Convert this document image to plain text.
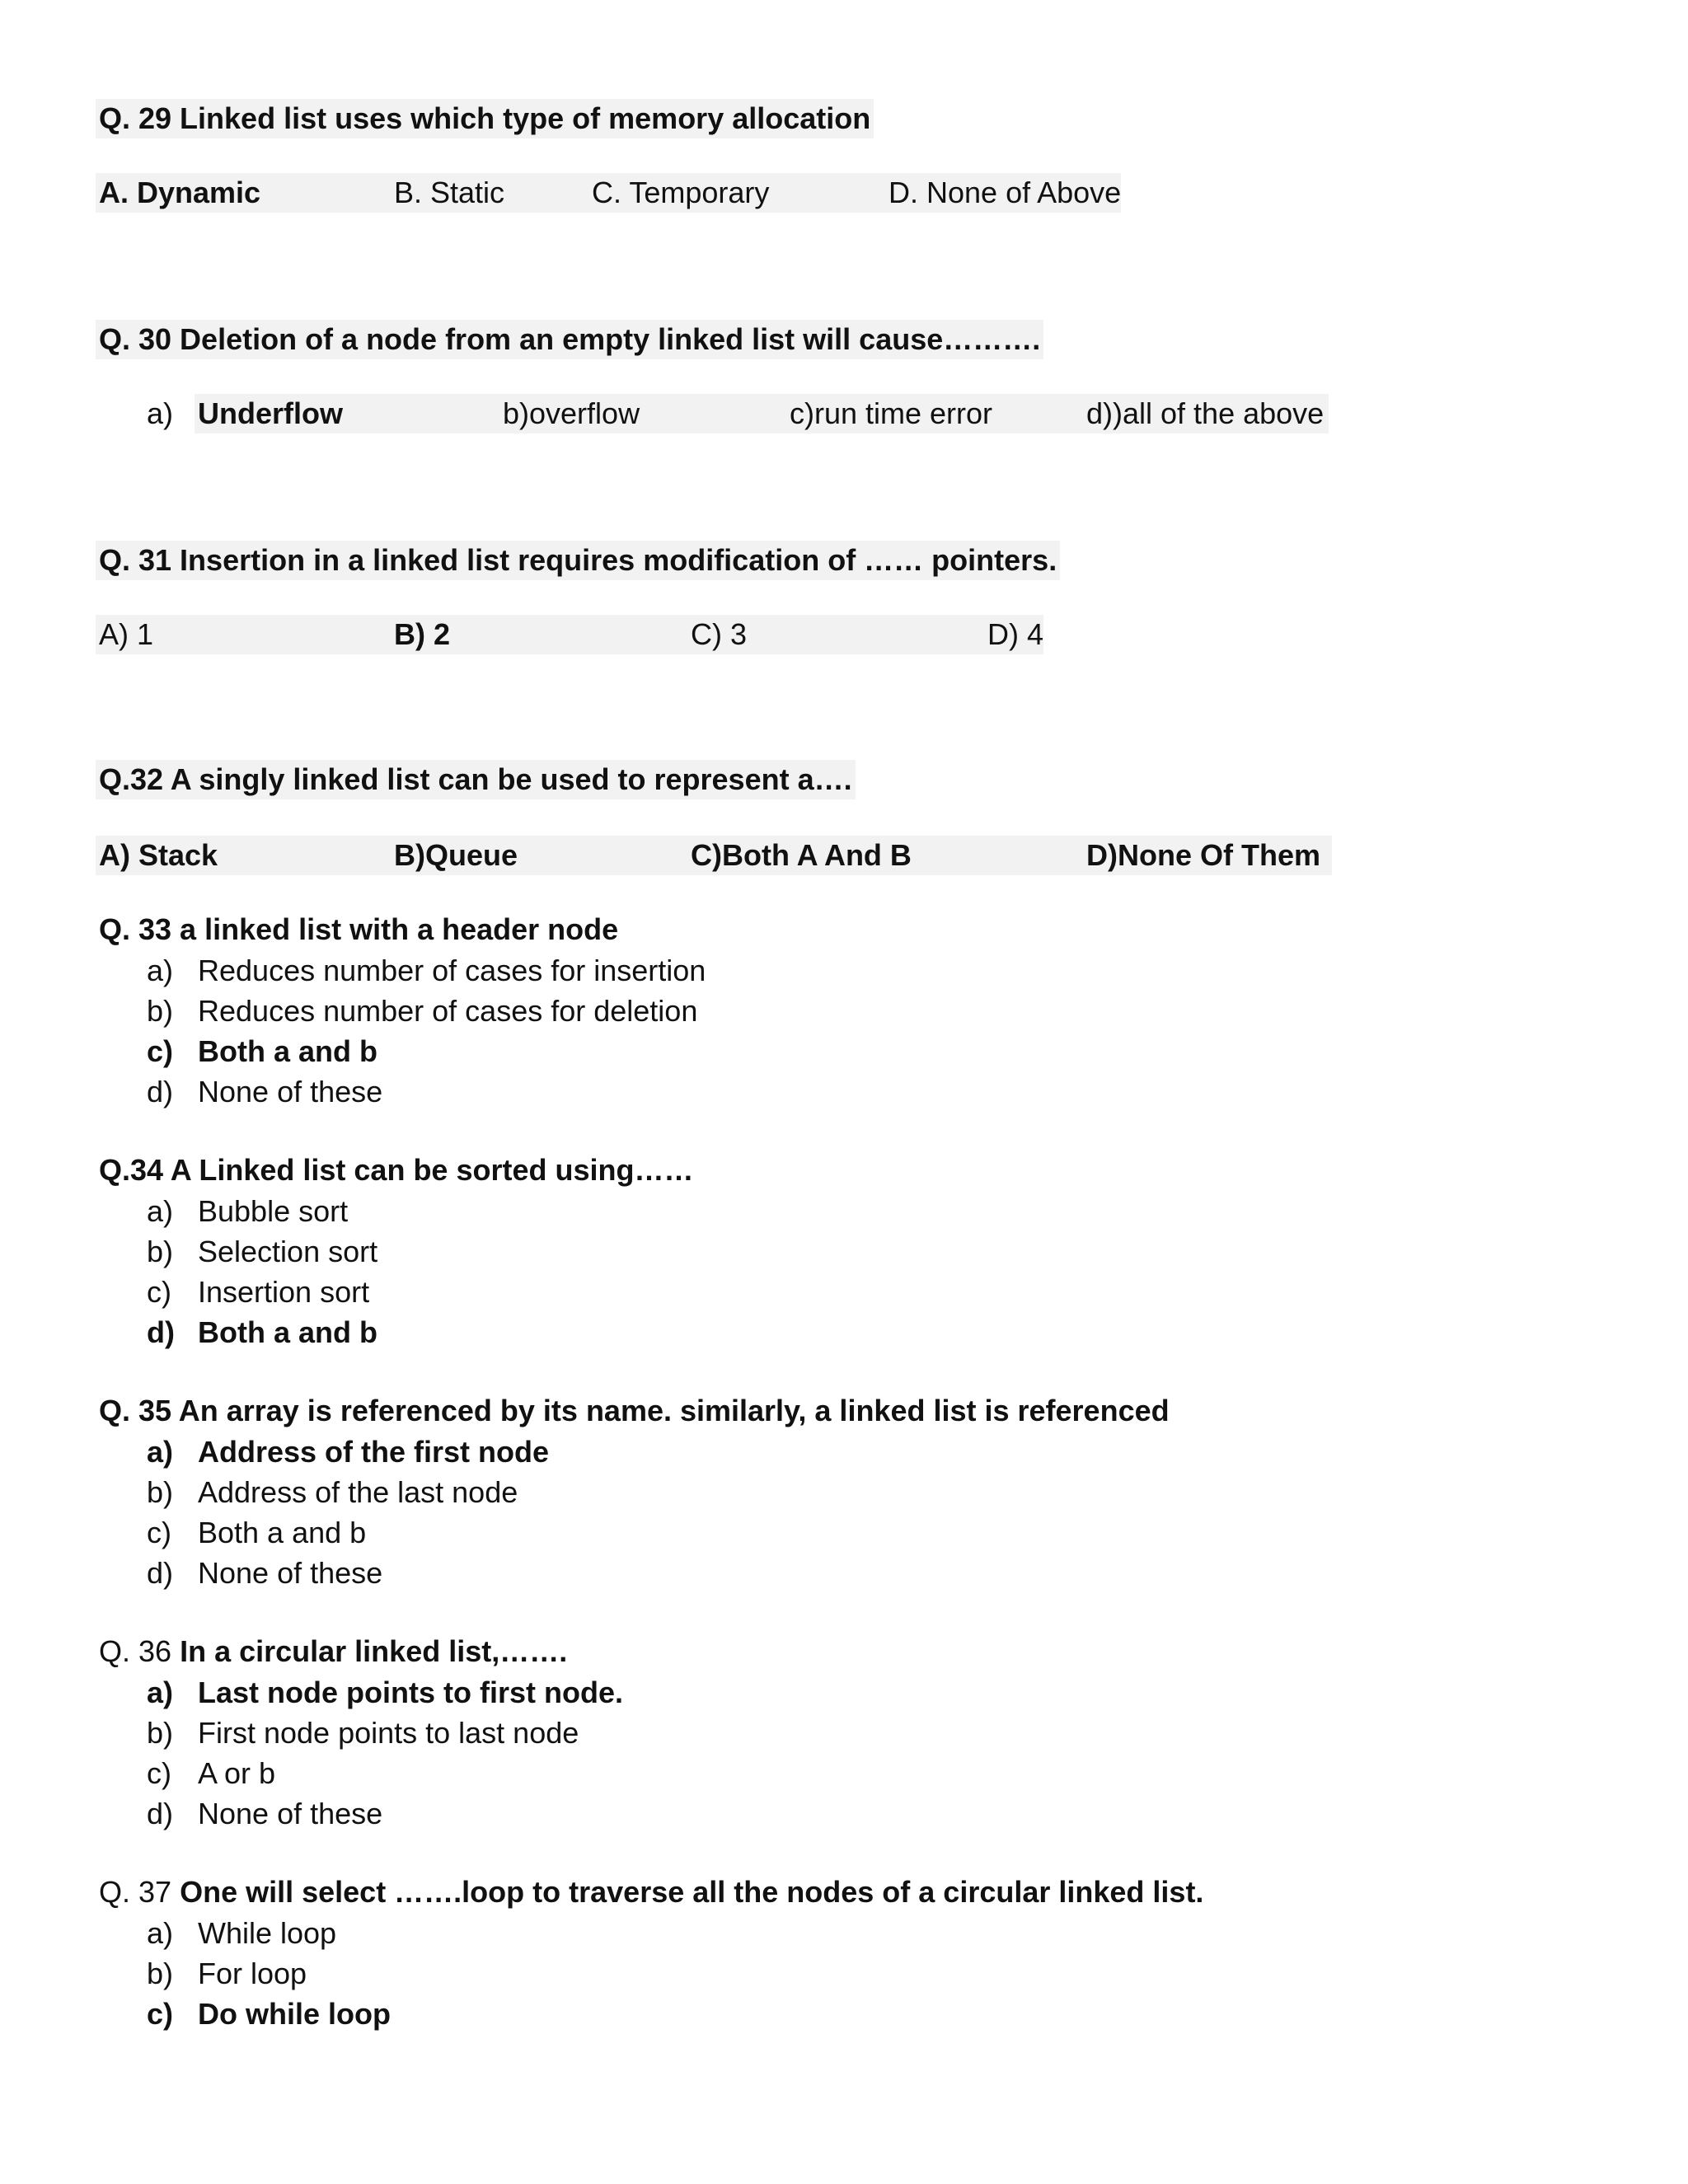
Q. 29 Linked list uses which type of memory allocation
A. Dynamic	B. Static	C. Temporary	D. None of Above
Q. 30 Deletion of a node from an empty linked list will cause……….
a) Underflow	b)overflow	c)run time error	d))all of the above
Q. 31 Insertion in a linked list requires modification of …… pointers.
A) 1	B) 2	C) 3	D) 4
Q.32 A singly linked list can be used to represent a….
A) Stack	B)Queue	C)Both A And B	D)None Of Them
Q. 33 a linked list with a header node
a) Reduces number of cases for insertion
b) Reduces number of cases for deletion
c) Both a and b
d) None of these
Q.34 A Linked list can be sorted using……
a) Bubble sort
b) Selection sort
c) Insertion sort
d) Both a and b
Q. 35 An array is referenced by its name. similarly, a linked list is referenced
a) Address of the first node
b) Address of the last node
c) Both a and b
d) None of these
Q. 36 In a circular linked list,…….
a) Last node points to first node.
b) First node points to last node
c) A or b
d) None of these
Q. 37 One will select …….loop to traverse all the nodes of a circular linked list.
a) While loop
b) For loop
c) Do while loop
